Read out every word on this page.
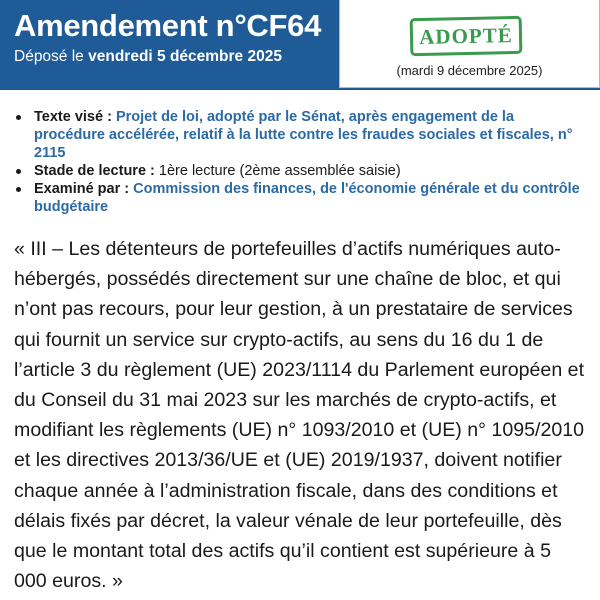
Amendement n°CF64

Déposé le vendredi 5 décembre 2025

ADOPTÉ
(mardi 9 décembre 2025)
Texte visé : Projet de loi, adopté par le Sénat, après engagement de la procédure accélérée, relatif à la lutte contre les fraudes sociales et fiscales, n° 2115
Stade de lecture : 1ère lecture (2ème assemblée saisie)
Examiné par : Commission des finances, de l'économie générale et du contrôle budgétaire

« III – Les détenteurs de portefeuilles d’actifs numériques auto-hébergés, possédés directement sur une chaîne de bloc, et qui n’ont pas recours, pour leur gestion, à un prestataire de services qui fournit un service sur crypto-actifs, au sens du 16 du 1 de l’article 3 du règlement (UE) 2023/1114 du Parlement européen et du Conseil du 31 mai 2023 sur les marchés de crypto-actifs, et modifiant les règlements (UE) n° 1093/2010 et (UE) n° 1095/2010 et les directives 2013/36/UE et (UE) 2019/1937, doivent notifier chaque année à l’administration fiscale, dans des conditions et délais fixés par décret, la valeur vénale de leur portefeuille, dès que le montant total des actifs qu’il contient est supérieure à 5 000 euros. »
